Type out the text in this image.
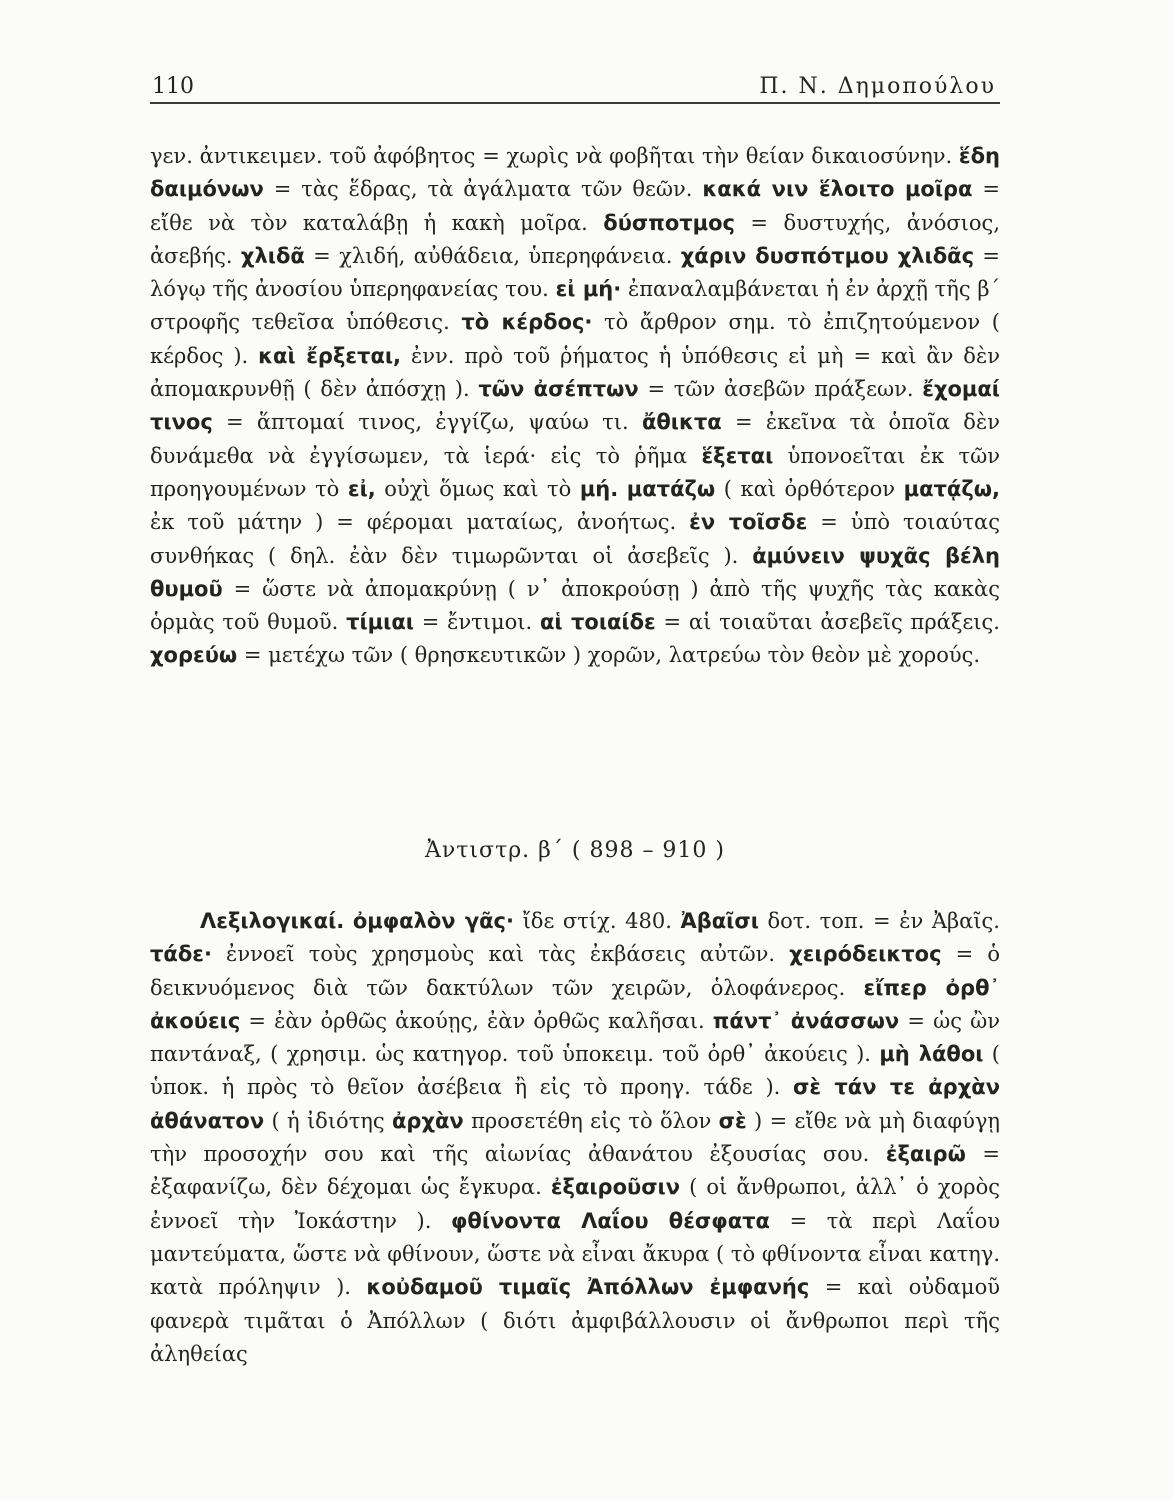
110	Π. Ν. Δημοπούλου

γεν. ἀντικειμεν. τοῦ ἀφόβητος = χωρὶς νὰ φοβῆται τὴν θείαν δικαιοσύνην. ἕδη δαιμόνων = τὰς ἕδρας, τὰ ἀγάλματα τῶν θεῶν. κακά νιν ἕλοιτο μοῖρα = εἴθε νὰ τὸν καταλάβῃ ἡ κακὴ μοῖρα. δύσποτμος = δυστυχής, ἀνόσιος, ἀσεβής. χλιδᾶ = χλιδή, αὐθάδεια, ὑπερηφάνεια. χάριν δυσπότμου χλιδᾶς = λόγῳ τῆς ἀνοσίου ὑπερηφανείας του. εἰ μή· ἐπαναλαμβάνεται ἡ ἐν ἀρχῇ τῆς β´ στροφῆς τεθεῖσα ὑπόθεσις. τὸ κέρδος· τὸ ἄρθρον σημ. τὸ ἐπιζητούμενον ( κέρδος ). καὶ ἔρξεται, ἐνν. πρὸ τοῦ ῥήματος ἡ ὑπόθεσις εἰ μὴ = καὶ ἂν δὲν ἀπομακρυνθῇ ( δὲν ἀπόσχῃ ). τῶν ἀσέπτων = τῶν ἀσεβῶν πράξεων. ἔχομαί τινος = ἅπτομαί τινος, ἐγγίζω, ψαύω τι. ἄθικτα = ἐκεῖνα τὰ ὁποῖα δὲν δυνάμεθα νὰ ἐγγίσωμεν, τὰ ἱερά· εἰς τὸ ῥῆμα ἕξεται ὑπονοεῖται ἐκ τῶν προηγουμένων τὸ εἰ, οὐχὶ ὅμως καὶ τὸ μή. ματάζω ( καὶ ὀρθότερον ματᾴζω, ἐκ τοῦ μάτην ) = φέρομαι ματαίως, ἀνοήτως. ἐν τοῖσδε = ὑπὸ τοιαύτας συνθήκας ( δηλ. ἐὰν δὲν τιμωρῶνται οἱ ἀσεβεῖς ). ἀμύνειν ψυχᾶς βέλη θυμοῦ = ὥστε νὰ ἀπομακρύνῃ ( ν᾽ ἀποκρούσῃ ) ἀπὸ τῆς ψυχῆς τὰς κακὰς ὁρμὰς τοῦ θυμοῦ. τίμιαι = ἔντιμοι. αἱ τοιαίδε = αἱ τοιαῦται ἀσεβεῖς πράξεις. χορεύω = μετέχω τῶν ( θρησκευτικῶν ) χορῶν, λατρεύω τὸν θεὸν μὲ χορούς.

Ἀντιστρ. β´ ( 898 – 910 )

Λεξιλογικαί. ὀμφαλὸν γᾶς· ἴδε στίχ. 480. Ἀβαῖσι δοτ. τοπ. = ἐν Ἀβαῖς. τάδε· ἐννοεῖ τοὺς χρησμοὺς καὶ τὰς ἐκβάσεις αὐτῶν. χειρόδεικτος = ὁ δεικνυόμενος διὰ τῶν δακτύλων τῶν χειρῶν, ὁλοφάνερος. εἴπερ ὀρθ᾽ ἀκούεις = ἐὰν ὀρθῶς ἀκούῃς, ἐὰν ὀρθῶς καλῆσαι. πάντ᾽ ἀνάσσων = ὡς ὢν παντάναξ, ( χρησιμ. ὡς κατηγορ. τοῦ ὑποκειμ. τοῦ ὀρθ᾽ ἀκούεις ). μὴ λάθοι ( ὑποκ. ἡ πρὸς τὸ θεῖον ἀσέβεια ἢ εἰς τὸ προηγ. τάδε ). σὲ τάν τε ἀρχὰν ἀθάνατον ( ἡ ἰδιότης ἀρχὰν προσετέθη εἰς τὸ ὅλον σὲ ) = εἴθε νὰ μὴ διαφύγῃ τὴν προσοχήν σου καὶ τῆς αἰωνίας ἀθανάτου ἐξουσίας σου. ἐξαιρῶ = ἐξαφανίζω, δὲν δέχομαι ὡς ἔγκυρα. ἐξαιροῦσιν ( οἱ ἄνθρωποι, ἀλλ᾽ ὁ χορὸς ἐννοεῖ τὴν Ἰοκάστην ). φθίνοντα Λαΐου θέσφατα = τὰ περὶ Λαΐου μαντεύματα, ὥστε νὰ φθίνουν, ὥστε νὰ εἶναι ἄκυρα ( τὸ φθίνοντα εἶναι κατηγ. κατὰ πρόληψιν ). κοὐδαμοῦ τιμαῖς Ἀπόλλων ἐμφανής = καὶ οὐδαμοῦ φανερὰ τιμᾶται ὁ Ἀπόλλων ( διότι ἀμφιβάλλουσιν οἱ ἄνθρωποι περὶ τῆς ἀληθείας
